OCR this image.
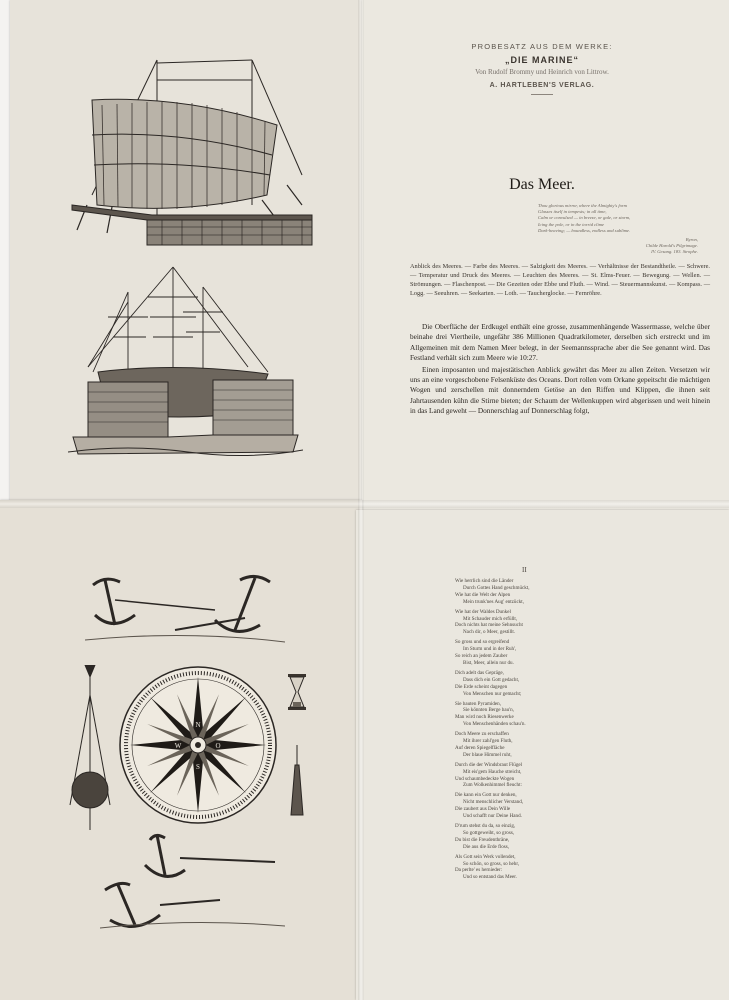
N
O
S
W
PROBESATZ AUS DEM WERKE:
„DIE MARINE“
Von Rudolf Brommy und Heinrich von Littrow.
A. HARTLEBEN'S VERLAG.
Das Meer.
Thou glorious mirror, where the Almighty's form
Glasses itself in tempests; in all time,
Calm or convulsed — in breeze, or gale, or storm,
Icing the pole, or in the torrid clime
Dark-heaving; — boundless, endless and sublime.
Byron,
Childe Harold's Pilgrimage.
IV. Gesang. 183. Strophe.
Anblick des Meeres. — Farbe des Meeres. — Salzigkeit des Meeres. — Verhältnisse der Bestandtheile. — Schwere. — Temperatur und Druck des Meeres. — Leuchten des Meeres. — St. Elms-Feuer. — Bewegung. — Wellen. — Strömungen. — Flaschenpost. — Die Gezeiten oder Ebbe und Fluth. — Wind. — Steuermannskunst. — Kompass. — Logg. — Seeuhren. — Seekarten. — Loth. — Taucherglocke. — Fernröhre.

Die Oberfläche der Erdkugel enthält eine grosse, zusammenhängende Wassermasse, welche über beinahe drei Viertheile, ungefähr 386 Millionen Quadratkilometer, derselben sich erstreckt und im Allgemeinen mit dem Namen Meer belegt, in der Seemannssprache aber die See genannt wird. Das Festland verhält sich zum Meere wie 10:27.

Einen imposanten und majestätischen Anblick gewährt das Meer zu allen Zeiten. Versetzen wir uns an eine vorgeschobene Felsenküste des Oceans. Dort rollen vom Orkane gepeitscht die mächtigen Wogen und zerschellen mit donnerndem Getöse an den Riffen und Klippen, die ihnen seit Jahrtausenden kühn die Stirne bieten; der Schaum der Wellenkuppen wird abgerissen und weit hinein in das Land geweht — Donnerschlag auf Donnerschlag folgt,

II
Wie herrlich sind die Länder
Durch Gottes Hand geschmückt,
Wie hat die Welt der Alpen
Mein trunk'nes Aug' entzückt,
Wie hat der Waldes Dunkel
Mit Schauder mich erfüllt,
Doch nichts hat meine Sehnsucht
Nach dir, o Meer, gestillt.
So gross und so ergreifend
Im Sturm und in der Ruh',
So reich an jedem Zauber
Bist, Meer, allein nur du.
Dich adelt das Gepräge,
Dass dich ein Gott gedacht,
Die Erde scheint dagegen
Von Menschen nur gemacht;
Sie bauten Pyramiden,
Sie könnten Berge bau'n,
Man wird noch Riesenwerke
Von Menschenhänden schau'n.
Doch Meere zu erschaffen
Mit ihrer zahl'gen Fluth,
Auf deren Spiegelfläche
Der blaue Himmel ruht,
Durch die der Windsbraut Flügel
Mit eis'gem Hauche streicht,
Und schaumbedeckte Wogen
Zum Wolkenhimmel fleucht:
Die kann ein Gott nur denken,
Nicht menschlicher Verstand,
Die zaubert aus Dein Wille
Und schafft nur Deine Hand.
D'rum stehst du da, so einzig,
So gottgeweiht, so gross,
Du bist die Freudenthräne,
Die aus die Erde floss,
Als Gott sein Werk vollendet,
So schön, so gross, so hehr,
Da perlte' es hernieder:
Und so entstand das Meer.
